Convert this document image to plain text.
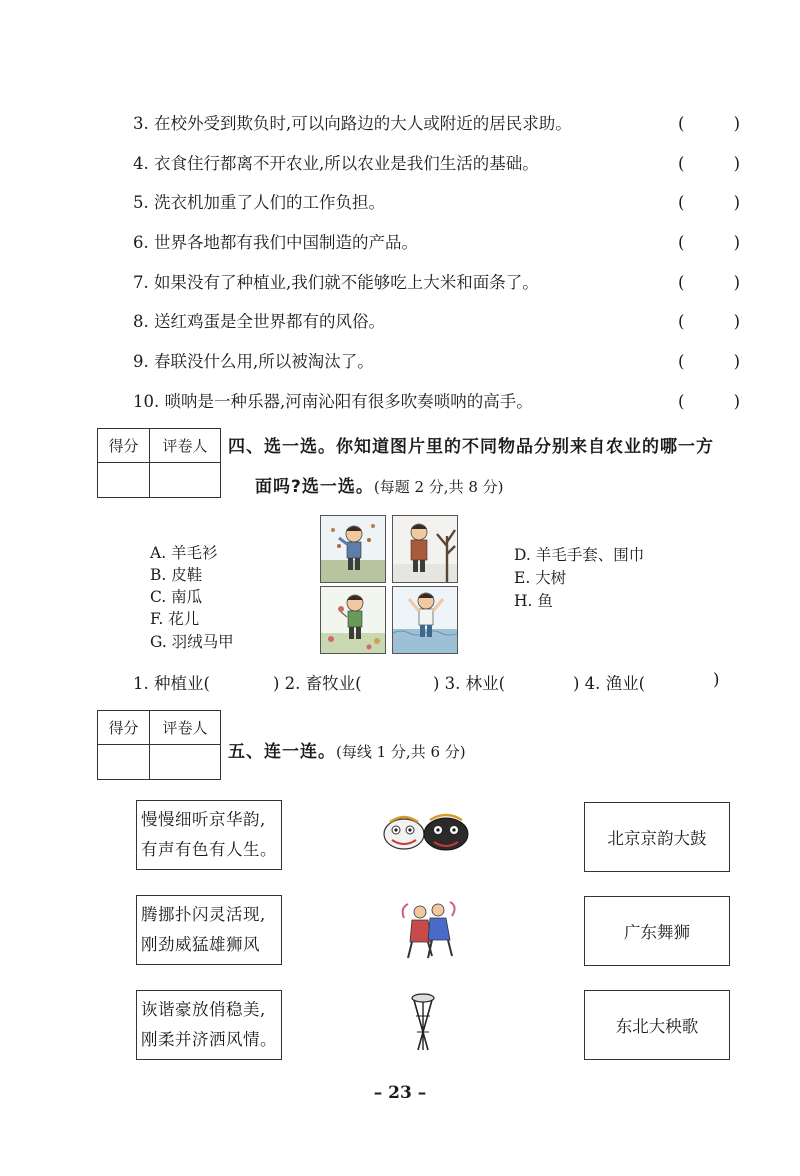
3. 在校外受到欺负时,可以向路边的大人或附近的居民求助。	(	)
4. 衣食住行都离不开农业,所以农业是我们生活的基础。	(	)
5. 洗衣机加重了人们的工作负担。	(	)
6. 世界各地都有我们中国制造的产品。	(	)
7. 如果没有了种植业,我们就不能够吃上大米和面条了。	(	)
8. 送红鸡蛋是全世界都有的风俗。	(	)
9. 春联没什么用,所以被淘汰了。	(	)
10. 唢呐是一种乐器,河南沁阳有很多吹奏唢呐的高手。	(	)
得分	评卷人	四、选一选。你知道图片里的不同物品分别来自农业的哪一方
面吗?选一选。(每题 2 分,共 8 分)
A. 羊毛衫
B. 皮鞋
C. 南瓜
F. 花儿
G. 羽绒马甲
D. 羊毛手套、围巾
E. 大树
H. 鱼
1. 种植业(	) 2. 畜牧业(	) 3. 林业(	) 4. 渔业(	)
得分	评卷人
五、连一连。(每线 1 分,共 6 分)
慢慢细听京华韵,
有声有色有人生。
腾挪扑闪灵活现,
刚劲威猛雄狮风
诙谐豪放俏稳美,
刚柔并济洒风情。
北京京韵大鼓
广东舞狮
东北大秧歌
– 23 –
